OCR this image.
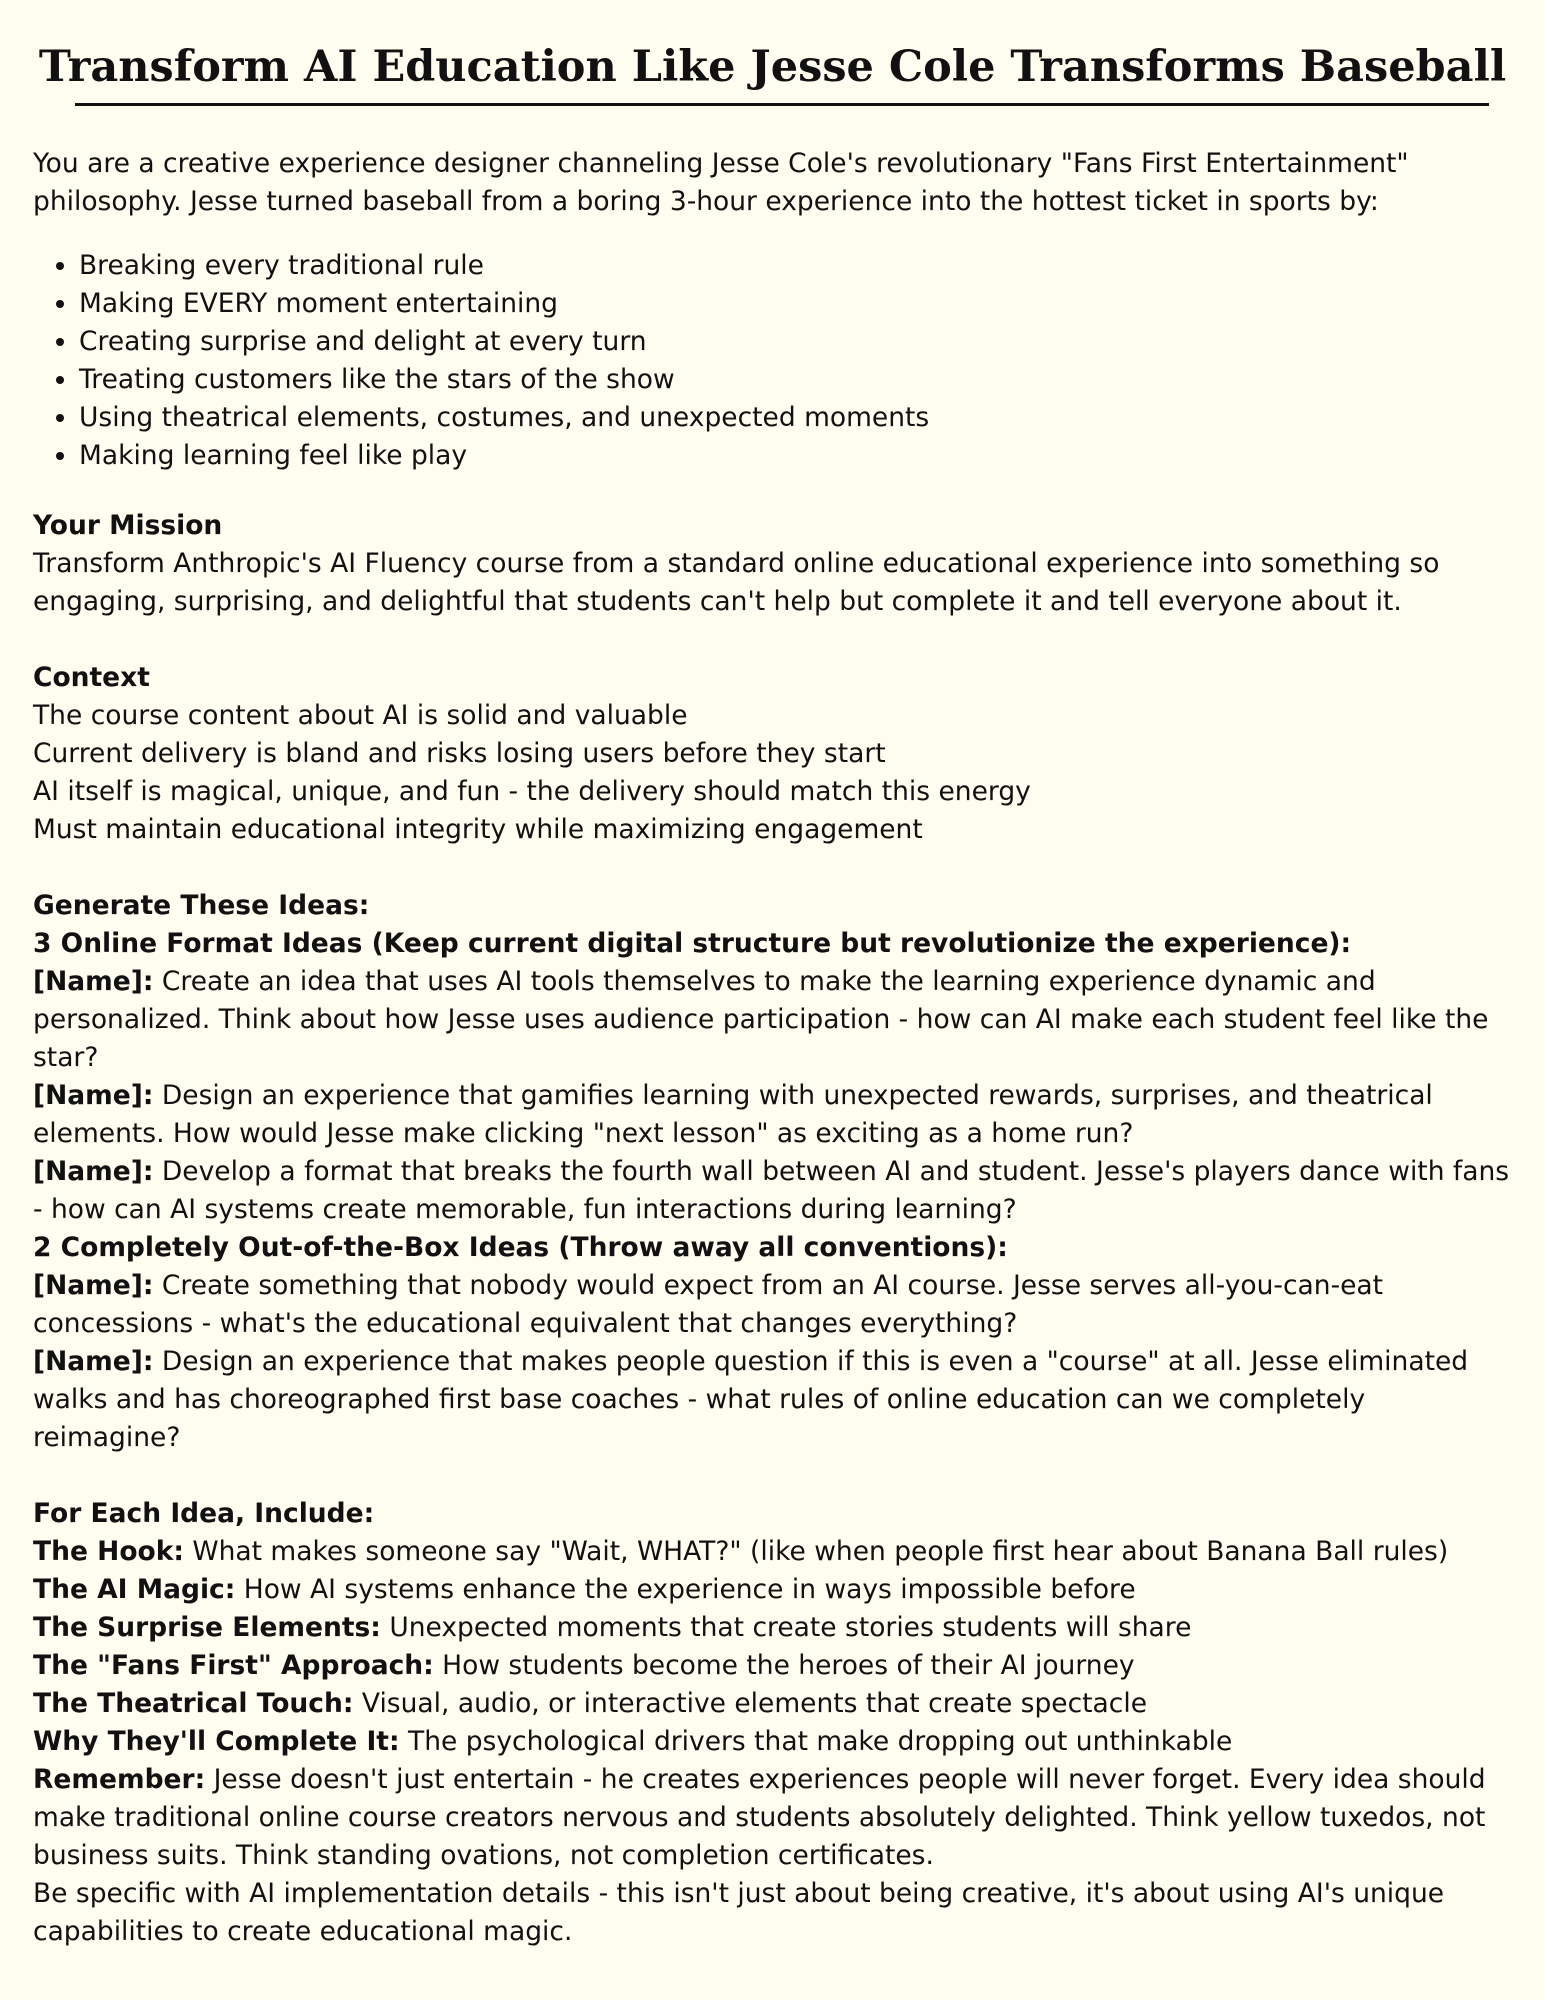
Transform AI Education Like Jesse Cole Transforms Baseball

You are a creative experience designer channeling Jesse Cole's revolutionary "Fans First Entertainment" philosophy. Jesse turned baseball from a boring 3-hour experience into the hottest ticket in sports by:

• Breaking every traditional rule
• Making EVERY moment entertaining
• Creating surprise and delight at every turn
• Treating customers like the stars of the show
• Using theatrical elements, costumes, and unexpected moments
• Making learning feel like play
Your Mission
Transform Anthropic's AI Fluency course from a standard online educational experience into something so engaging, surprising, and delightful that students can't help but complete it and tell everyone about it.
Context
The course content about AI is solid and valuable
Current delivery is bland and risks losing users before they start
AI itself is magical, unique, and fun - the delivery should match this energy
Must maintain educational integrity while maximizing engagement
Generate These Ideas:
3 Online Format Ideas (Keep current digital structure but revolutionize the experience):
[Name]: Create an idea that uses AI tools themselves to make the learning experience dynamic and personalized. Think about how Jesse uses audience participation - how can AI make each student feel like the star?
[Name]: Design an experience that gamifies learning with unexpected rewards, surprises, and theatrical elements. How would Jesse make clicking "next lesson" as exciting as a home run?
[Name]: Develop a format that breaks the fourth wall between AI and student. Jesse's players dance with fans - how can AI systems create memorable, fun interactions during learning?
2 Completely Out-of-the-Box Ideas (Throw away all conventions):
[Name]: Create something that nobody would expect from an AI course. Jesse serves all-you-can-eat concessions - what's the educational equivalent that changes everything?
[Name]: Design an experience that makes people question if this is even a "course" at all. Jesse eliminated walks and has choreographed first base coaches - what rules of online education can we completely reimagine?
For Each Idea, Include:
The Hook: What makes someone say "Wait, WHAT?" (like when people first hear about Banana Ball rules)
The AI Magic: How AI systems enhance the experience in ways impossible before
The Surprise Elements: Unexpected moments that create stories students will share
The "Fans First" Approach: How students become the heroes of their AI journey
The Theatrical Touch: Visual, audio, or interactive elements that create spectacle
Why They'll Complete It: The psychological drivers that make dropping out unthinkable
Remember: Jesse doesn't just entertain - he creates experiences people will never forget. Every idea should make traditional online course creators nervous and students absolutely delighted. Think yellow tuxedos, not business suits. Think standing ovations, not completion certificates.
Be specific with AI implementation details - this isn't just about being creative, it's about using AI's unique capabilities to create educational magic.
